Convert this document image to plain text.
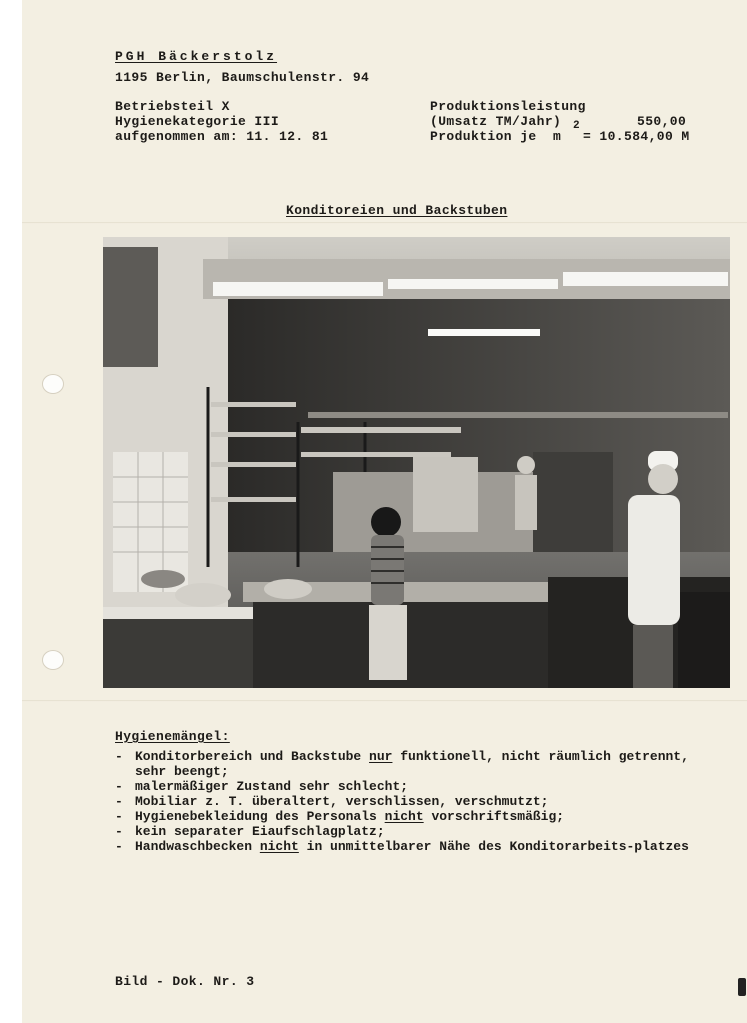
PGH Bäckerstolz
1195 Berlin, Baumschulenstr. 94
Betriebsteil X
Hygienekategorie III
aufgenommen am: 11. 12. 81
Produktionsleistung
(Umsatz TM/Jahr)	550,00
Produktion je  m
2
= 10.584,00 M
Konditoreien und Backstuben
Hygienemängel:
- Konditorbereich und Backstube nur funktionell, nicht räumlich getrennt, sehr beengt;
- malermäßiger Zustand sehr schlecht;
- Mobiliar z. T. überaltert, verschlissen, verschmutzt;
- Hygienebekleidung des Personals nicht vorschriftsmäßig;
- kein separater Eiaufschlagplatz;
- Handwaschbecken nicht in unmittelbarer Nähe des Konditorarbeits-platzes
Bild - Dok. Nr. 3
